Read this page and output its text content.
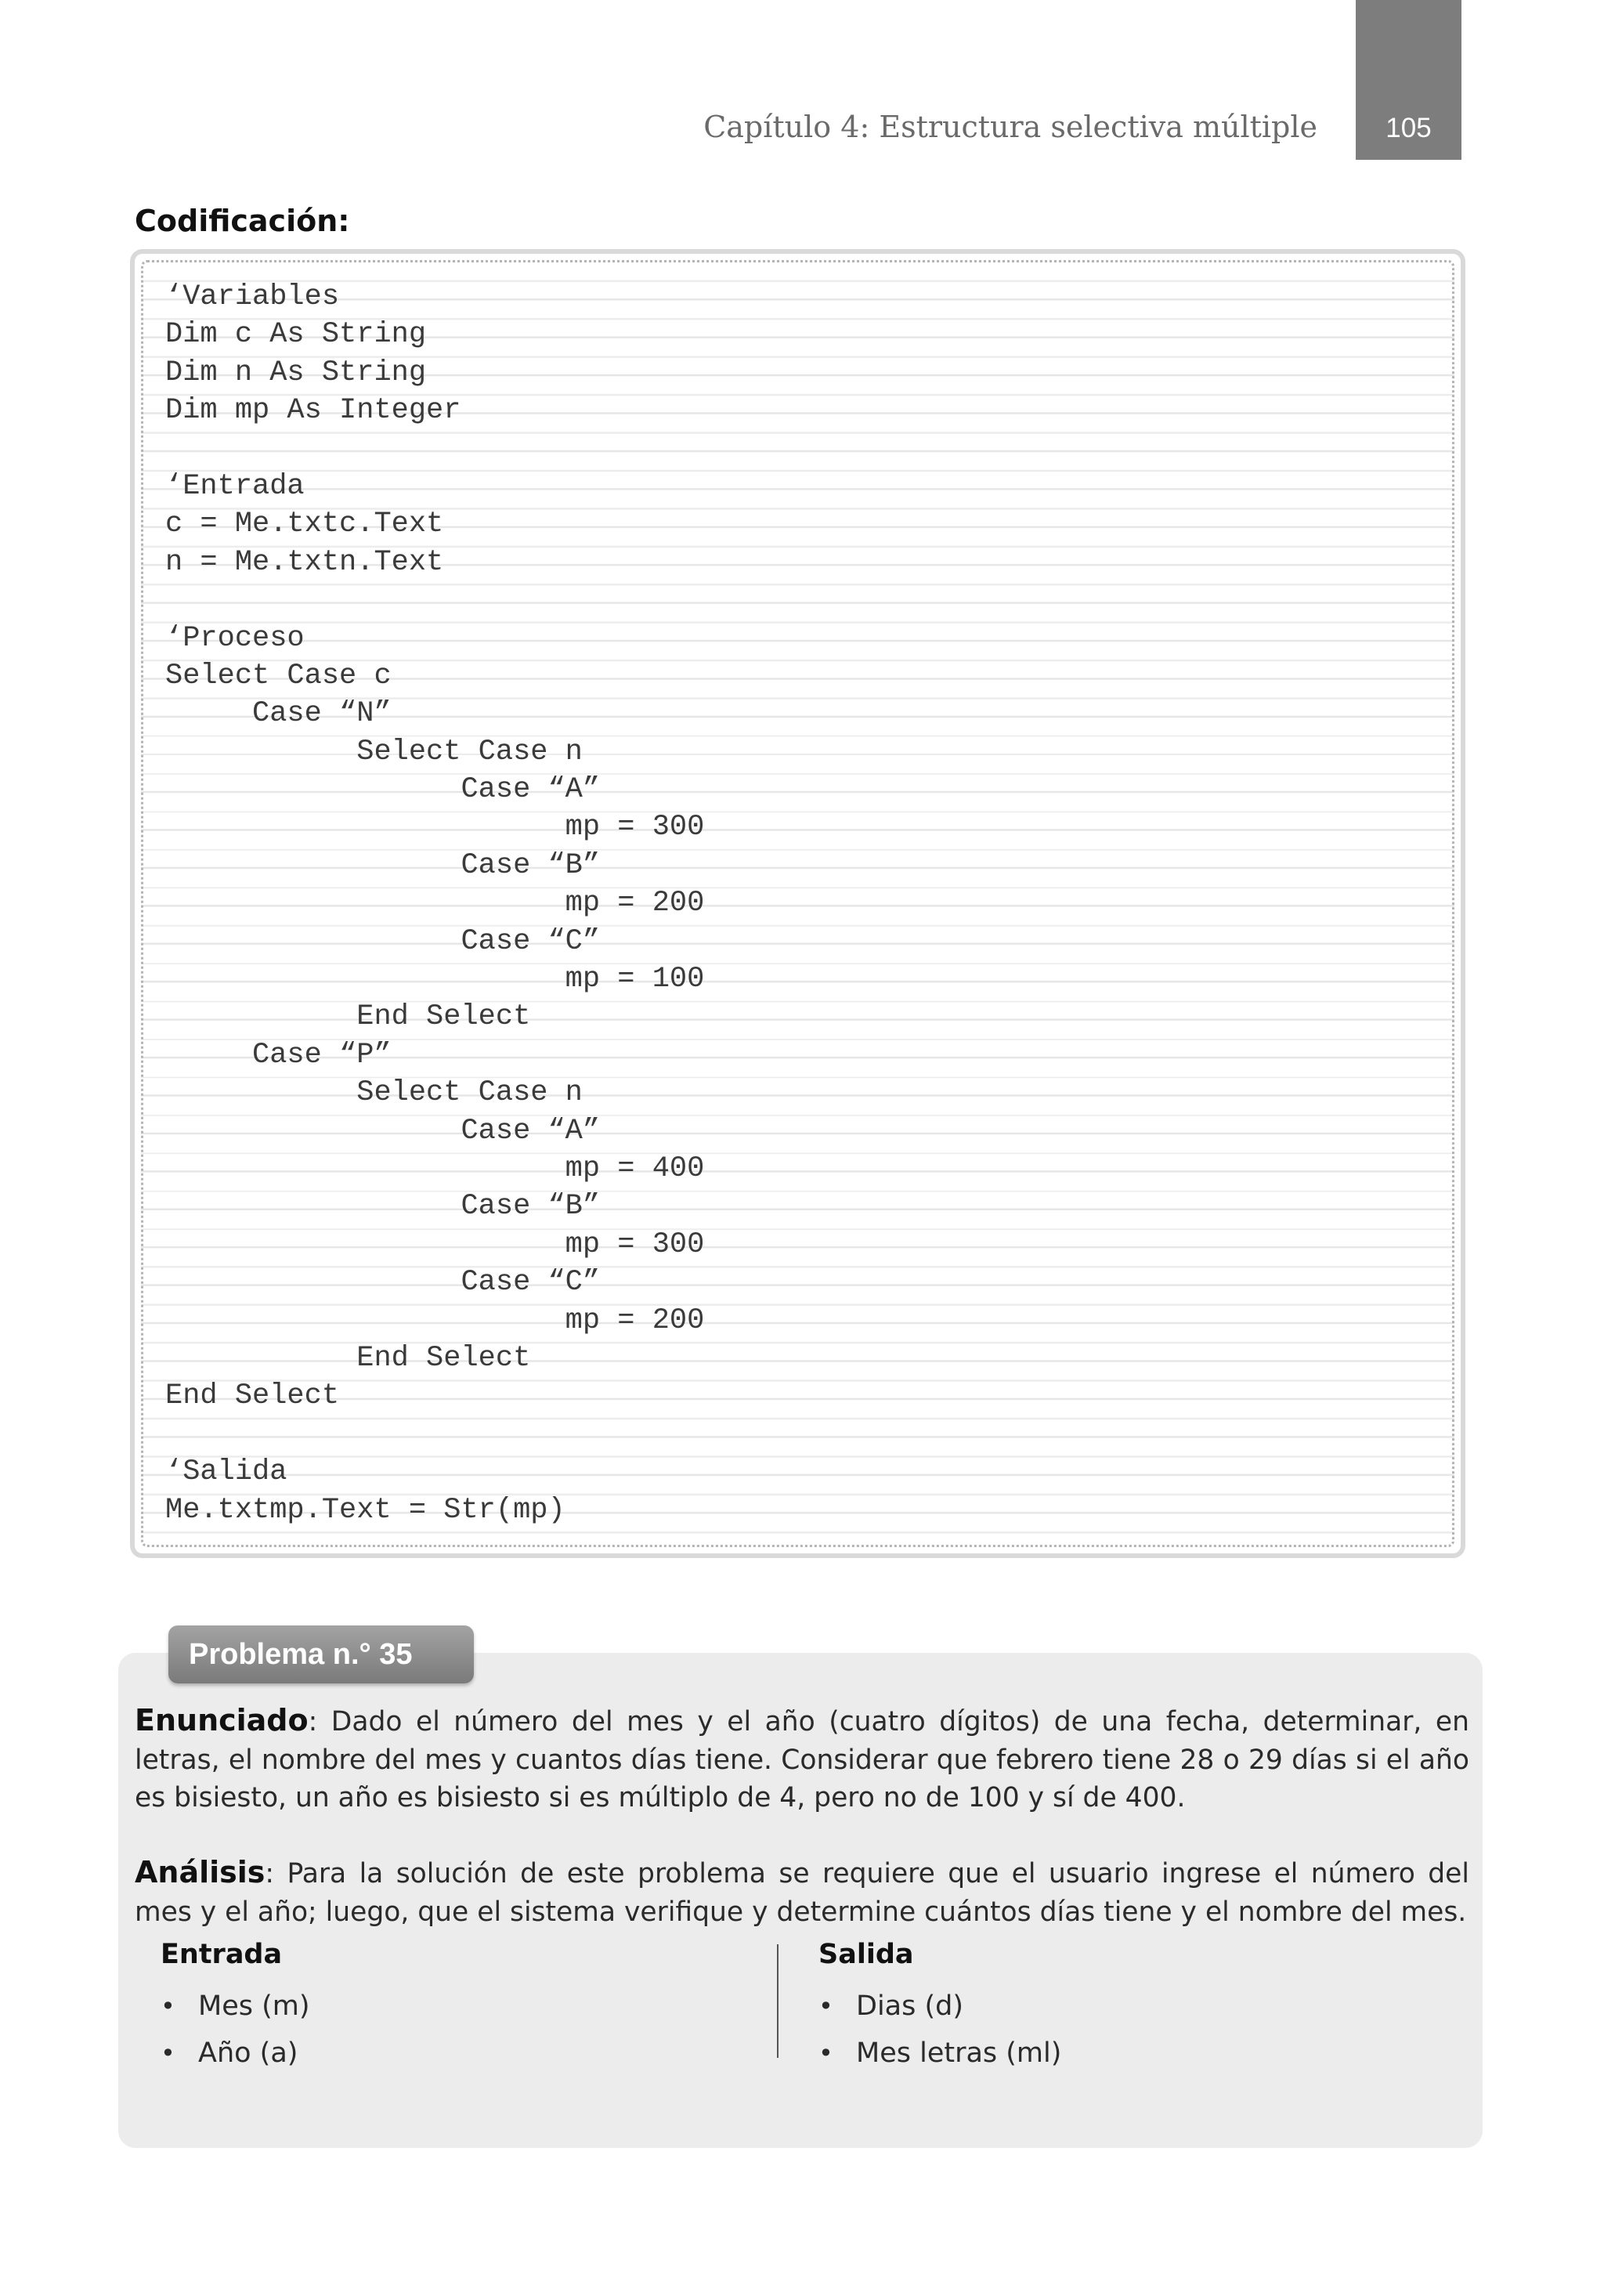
105
Capítulo 4: Estructura selectiva múltiple
Codificación:
‘Variables
Dim c As String
Dim n As String
Dim mp As Integer
‘Entrada
c = Me.txtc.Text
n = Me.txtn.Text
‘Proceso
Select Case c
Case “N”
Select Case n
Case “A”
mp = 300
Case “B”
mp = 200
Case “C”
mp = 100
End Select
Case “P”
Select Case n
Case “A”
mp = 400
Case “B”
mp = 300
Case “C”
mp = 200
End Select
End Select
‘Salida
Me.txtmp.Text = Str(mp)
Problema n.° 35
Enunciado: Dado el número del mes y el año (cuatro dígitos) de una fecha, determinar, en letras, el nombre del mes y cuantos días tiene. Considerar que febrero tiene 28 o 29 días si el año es bisiesto, un año es bisiesto si es múltiplo de 4, pero no de 100 y sí de 400.
Análisis: Para la solución de este problema se requiere que el usuario ingrese el número del mes y el año; luego, que el sistema verifique y determine cuántos días tiene y el nombre del mes.
Entrada
• Mes (m)
• Año (a)
Salida
• Dias (d)
• Mes letras (ml)
